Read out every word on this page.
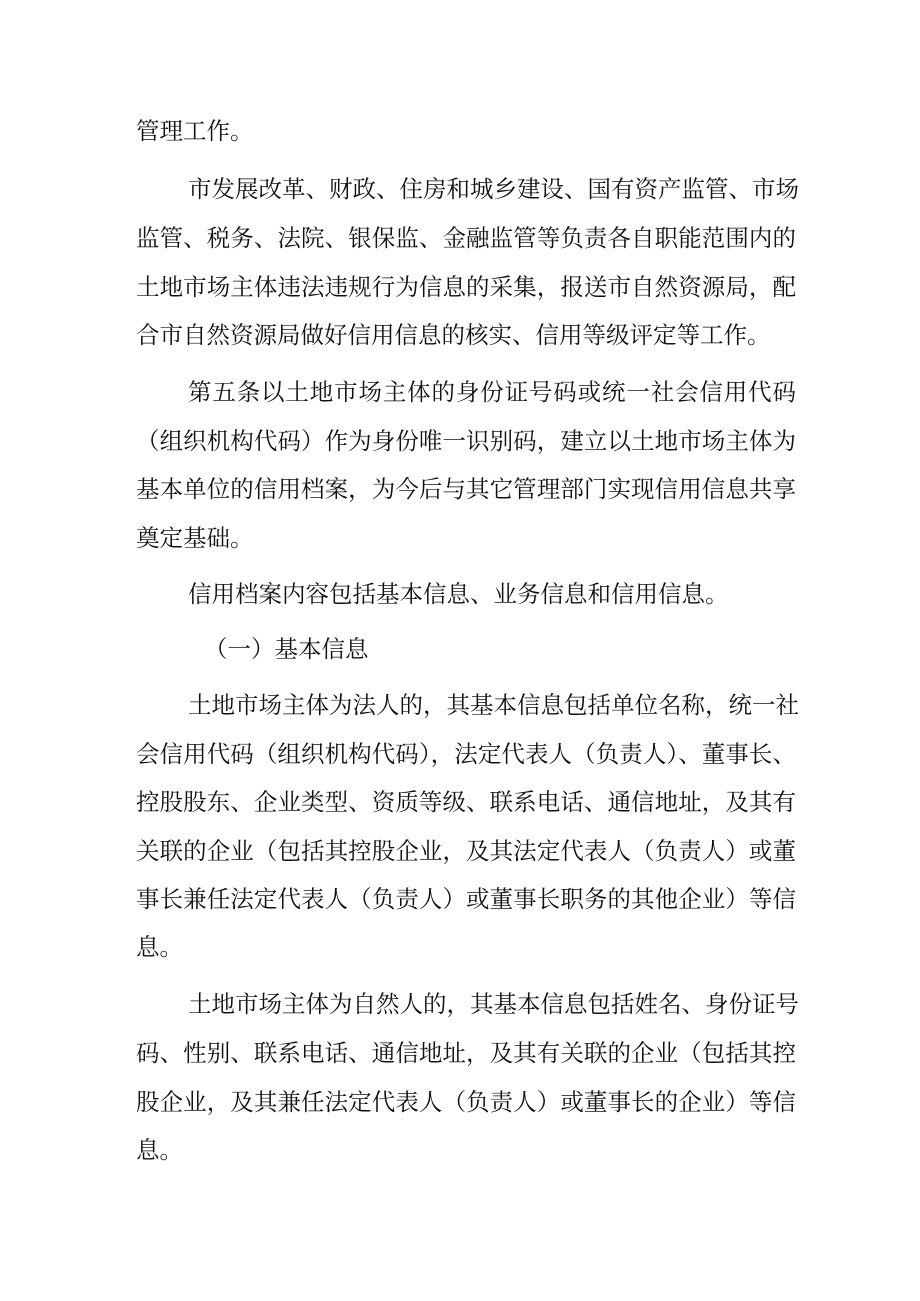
管理工作。
市发展改革、财政、住房和城乡建设、国有资产监管、市场
监管、税务、法院、银保监、金融监管等负责各自职能范围内的
土地市场主体违法违规行为信息的采集，报送市自然资源局，配
合市自然资源局做好信用信息的核实、信用等级评定等工作。
第五条以土地市场主体的身份证号码或统一社会信用代码
（组织机构代码）作为身份唯一识别码，建立以土地市场主体为
基本单位的信用档案，为今后与其它管理部门实现信用信息共享
奠定基础。
信用档案内容包括基本信息、业务信息和信用信息。
（一）基本信息
土地市场主体为法人的，其基本信息包括单位名称，统一社
会信用代码（组织机构代码），法定代表人（负责人）、董事长、
控股股东、企业类型、资质等级、联系电话、通信地址，及其有
关联的企业（包括其控股企业，及其法定代表人（负责人）或董
事长兼任法定代表人（负责人）或董事长职务的其他企业）等信
息。
土地市场主体为自然人的，其基本信息包括姓名、身份证号
码、性别、联系电话、通信地址，及其有关联的企业（包括其控
股企业，及其兼任法定代表人（负责人）或董事长的企业）等信
息。
